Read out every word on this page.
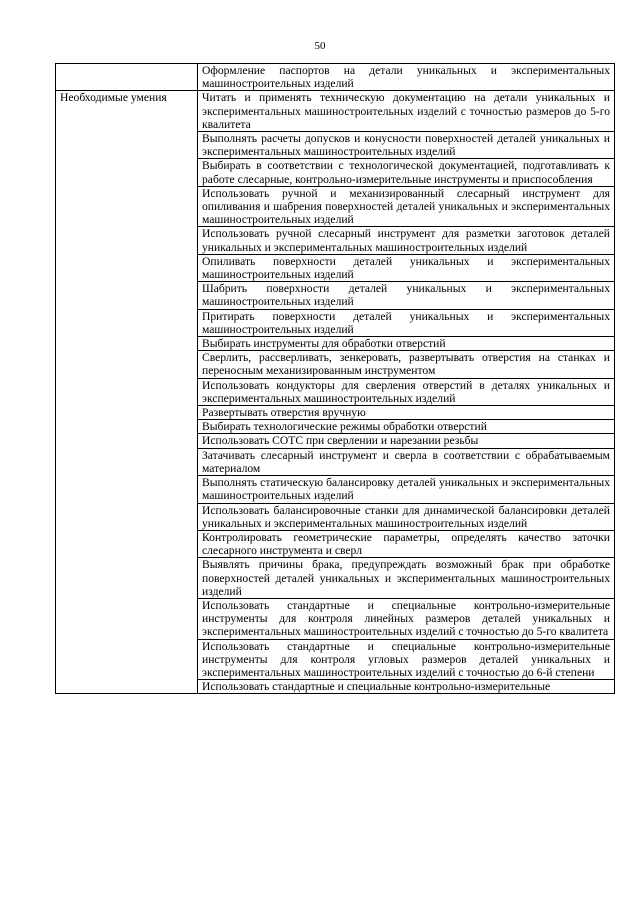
50
	Оформление паспортов на детали уникальных и экспериментальных машиностроительных изделий
Необходимые умения	Читать и применять техническую документацию на детали уникальных и экспериментальных машиностроительных изделий с точностью размеров до 5-го квалитета
	Выполнять расчеты допусков и конусности поверхностей деталей уникальных и экспериментальных машиностроительных изделий
	Выбирать в соответствии с технологической документацией, подготавливать к работе слесарные, контрольно-измерительные инструменты и приспособления
	Использовать ручной и механизированный слесарный инструмент для опиливания и шабрения поверхностей деталей уникальных и экспериментальных машиностроительных изделий
	Использовать ручной слесарный инструмент для разметки заготовок деталей уникальных и экспериментальных машиностроительных изделий
	Опиливать поверхности деталей уникальных и экспериментальных машиностроительных изделий
	Шабрить поверхности деталей уникальных и экспериментальных машиностроительных изделий
	Притирать поверхности деталей уникальных и экспериментальных машиностроительных изделий
	Выбирать инструменты для обработки отверстий
	Сверлить, рассверливать, зенкеровать, развертывать отверстия на станках и переносным механизированным инструментом
	Использовать кондукторы для сверления отверстий в деталях уникальных и экспериментальных машиностроительных изделий
	Развертывать отверстия вручную
	Выбирать технологические режимы обработки отверстий
	Использовать СОТС при сверлении и нарезании резьбы
	Затачивать слесарный инструмент и сверла в соответствии с обрабатываемым материалом
	Выполнять статическую балансировку деталей уникальных и экспериментальных машиностроительных изделий
	Использовать балансировочные станки для динамической балансировки деталей уникальных и экспериментальных машиностроительных изделий
	Контролировать геометрические параметры, определять качество заточки слесарного инструмента и сверл
	Выявлять причины брака, предупреждать возможный брак при обработке поверхностей деталей уникальных и экспериментальных машиностроительных изделий
	Использовать стандартные и специальные контрольно-измерительные инструменты для контроля линейных размеров деталей уникальных и экспериментальных машиностроительных изделий с точностью до 5-го квалитета
	Использовать стандартные и специальные контрольно-измерительные инструменты для контроля угловых размеров деталей уникальных и экспериментальных машиностроительных изделий с точностью до 6-й степени
	Использовать стандартные и специальные контрольно-измерительные
